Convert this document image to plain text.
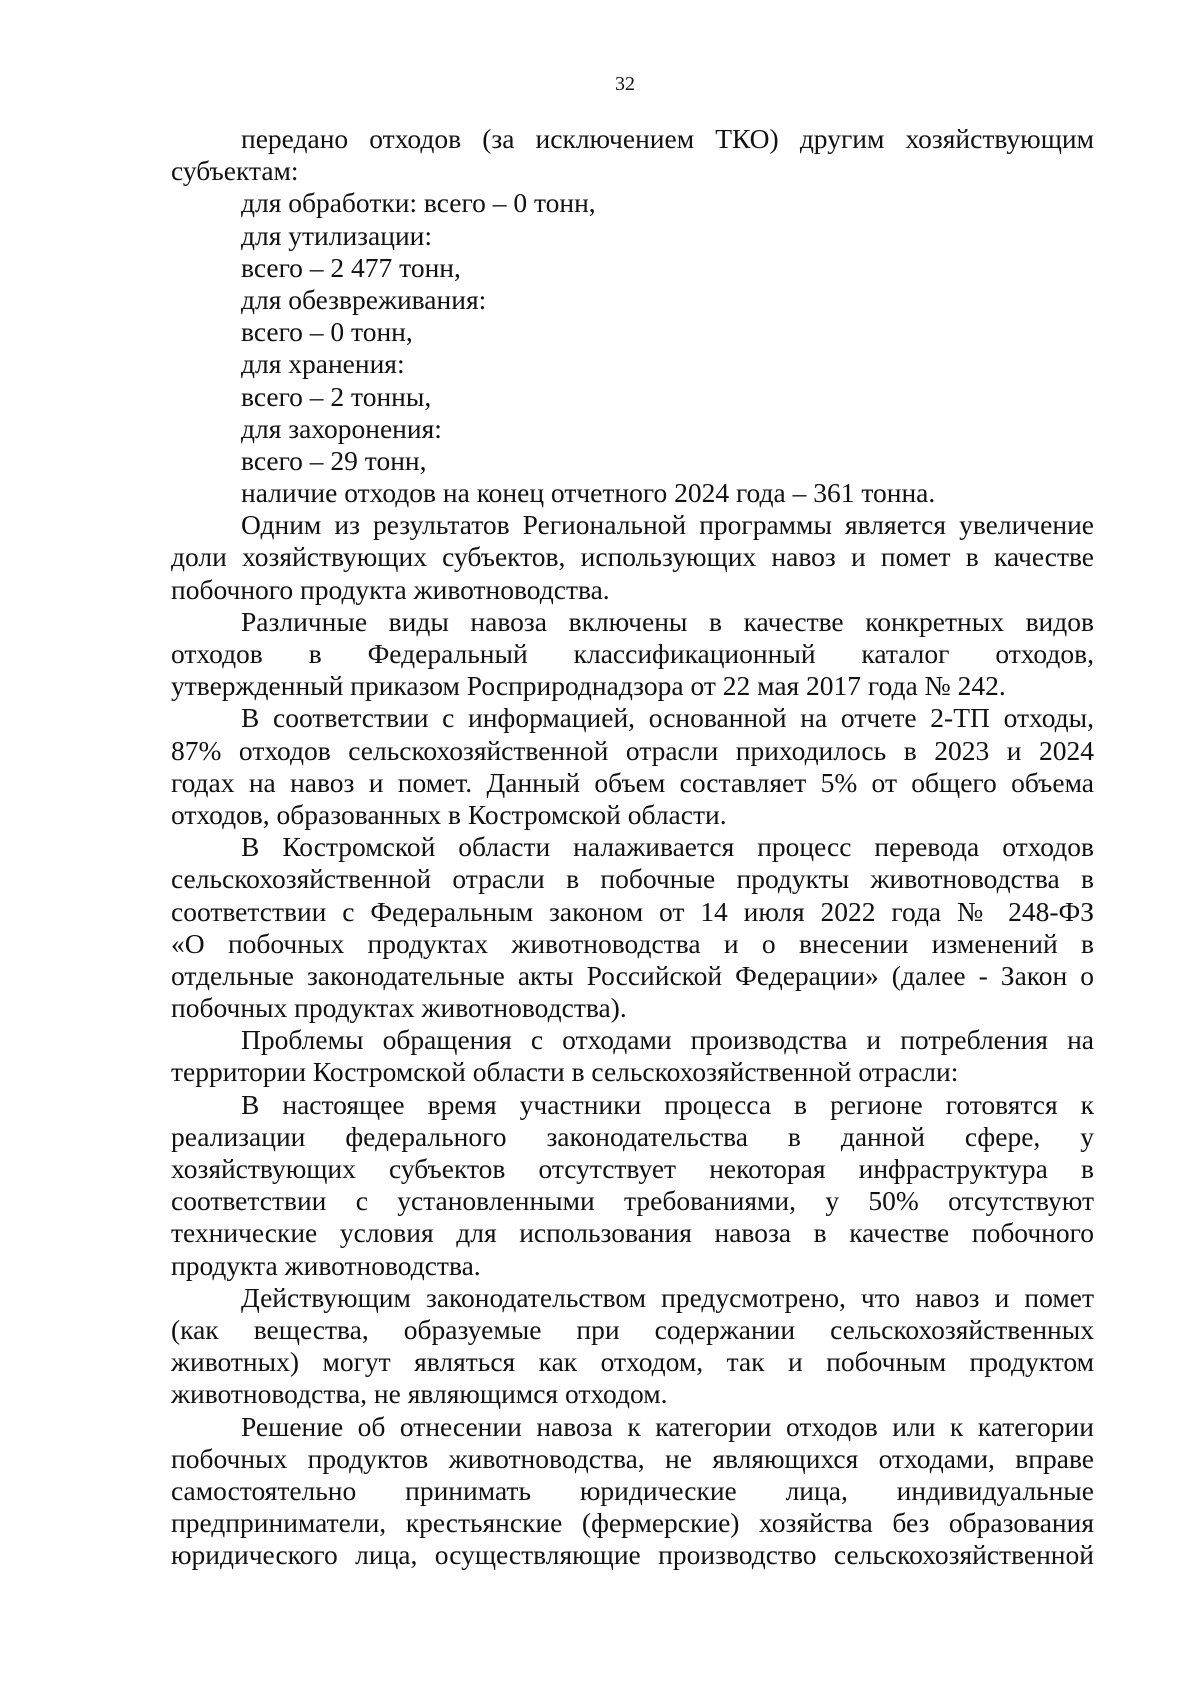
32
передано отходов (за исключением ТКО) другим хозяйствующим
субъектам:
для обработки: всего – 0 тонн,
для утилизации:
всего – 2 477 тонн,
для обезвреживания:
всего – 0 тонн,
для хранения:
всего – 2 тонны,
для захоронения:
всего – 29 тонн,
наличие отходов на конец отчетного 2024 года – 361 тонна.
Одним из результатов Региональной программы является увеличение
доли хозяйствующих субъектов, использующих навоз и помет в качестве
побочного продукта животноводства.
Различные виды навоза включены в качестве конкретных видов
отходов в Федеральный классификационный каталог отходов,
утвержденный приказом Росприроднадзора от 22 мая 2017 года № 242.
В соответствии с информацией, основанной на отчете 2-ТП отходы,
87% отходов сельскохозяйственной отрасли приходилось в 2023 и 2024
годах на навоз и помет. Данный объем составляет 5% от общего объема
отходов, образованных в Костромской области.
В Костромской области налаживается процесс перевода отходов
сельскохозяйственной отрасли в побочные продукты животноводства в
соответствии с Федеральным законом от 14 июля 2022 года № 248-ФЗ
«О побочных продуктах животноводства и о внесении изменений в
отдельные законодательные акты Российской Федерации» (далее - Закон о
побочных продуктах животноводства).
Проблемы обращения с отходами производства и потребления на
территории Костромской области в сельскохозяйственной отрасли:
В настоящее время участники процесса в регионе готовятся к
реализации федерального законодательства в данной сфере, у
хозяйствующих субъектов отсутствует некоторая инфраструктура в
соответствии с установленными требованиями, у 50% отсутствуют
технические условия для использования навоза в качестве побочного
продукта животноводства.
Действующим законодательством предусмотрено, что навоз и помет
(как вещества, образуемые при содержании сельскохозяйственных
животных) могут являться как отходом, так и побочным продуктом
животноводства, не являющимся отходом.
Решение об отнесении навоза к категории отходов или к категории
побочных продуктов животноводства, не являющихся отходами, вправе
самостоятельно принимать юридические лица, индивидуальные
предприниматели, крестьянские (фермерские) хозяйства без образования
юридического лица, осуществляющие производство сельскохозяйственной
